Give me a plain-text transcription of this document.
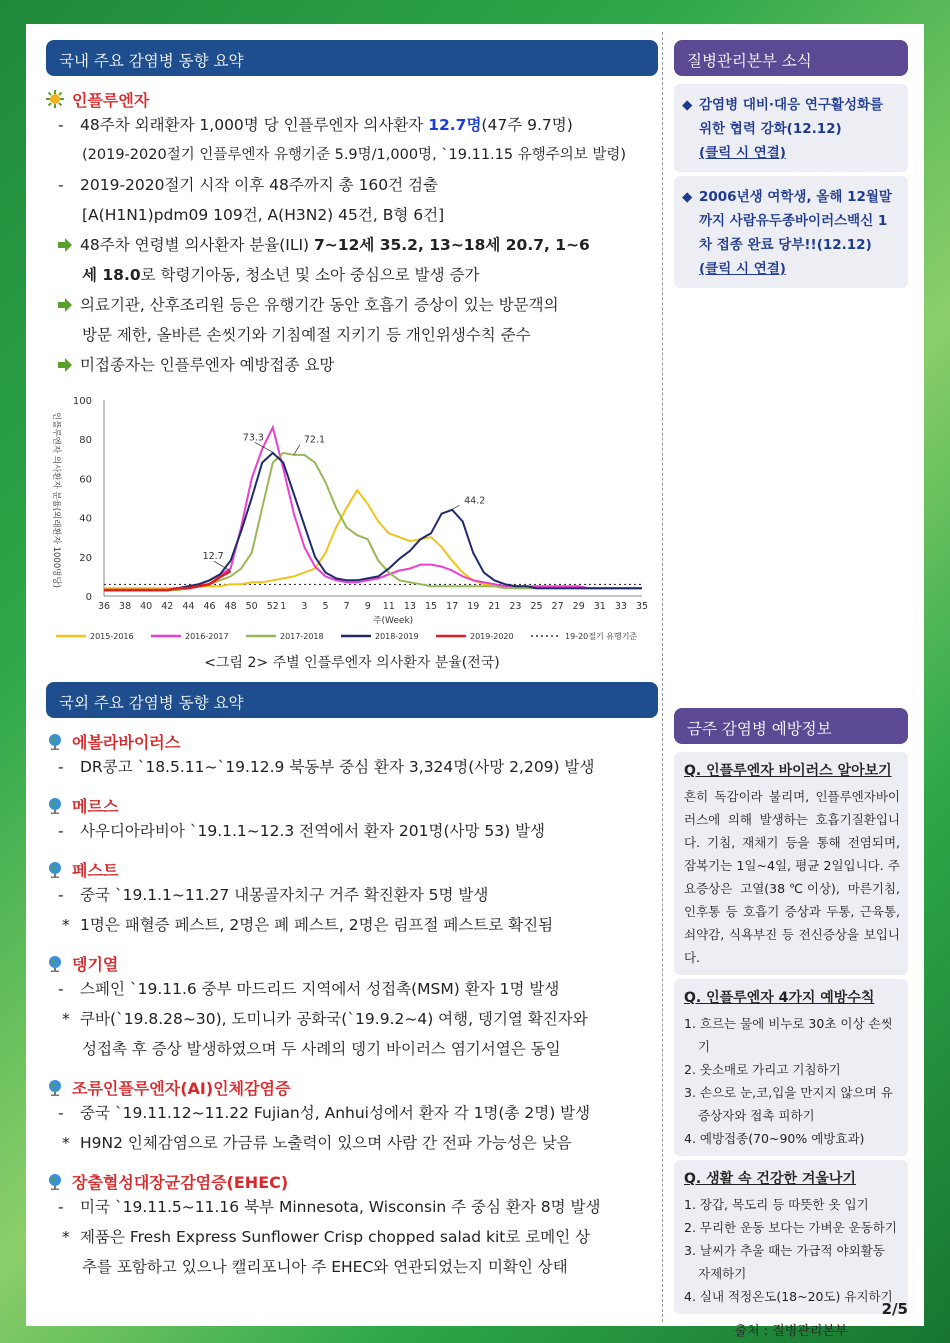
국내 주요 감염병 동향 요약
인플루엔자
- 48주차 외래환자 1,000명 당 인플루엔자 의사환자 12.7명(47주 9.7명)
(2019-2020절기 인플루엔자 유행기준 5.9명/1,000명, `19.11.15 유행주의보 발령)
- 2019-2020절기 시작 이후 48주까지 총 160건 검출
[A(H1N1)pdm09 109건, A(H3N2) 45건, B형 6건]
48주차 연령별 의사환자 분율(ILI) 7~12세 35.2, 13~18세 20.7, 1~6
세 18.0로 학령기아동, 청소년 및 소아 중심으로 발생 증가
의료기관, 산후조리원 등은 유행기간 동안 호흡기 증상이 있는 방문객의
방문 제한, 올바른 손씻기와 기침예절 지키기 등 개인위생수칙 준수
미접종자는 인플루엔자 예방접종 요망
0
20
40
60
80
100
인플루엔자 의사환자 분율(외래환자 1000명당)
36 38 40 42 44 46 48 50 52 1 3 5 7 9 11 13 15 17 19 21 23 25 27 29 31 33 35
주(Week)
73.3	72.1
44.2
12.7
2015-2016	2016-2017	2017-2018	2018-2019	2019-2020	19-20절기 유행기준
<그림 2> 주별 인플루엔자 의사환자 분율(전국)
국외 주요 감염병 동향 요약
에볼라바이러스
- DR콩고 `18.5.11~`19.12.9 북동부 중심 환자 3,324명(사망 2,209) 발생
메르스
- 사우디아라비아 `19.1.1~12.3 전역에서 환자 201명(사망 53) 발생
페스트
- 중국 `19.1.1~11.27 내몽골자치구 거주 확진환자 5명 발생
* 1명은 패혈증 페스트, 2명은 폐 페스트, 2명은 림프절 페스트로 확진됨
뎅기열
- 스페인 `19.11.6 중부 마드리드 지역에서 성접촉(MSM) 환자 1명 발생
* 쿠바(`19.8.28~30), 도미니카 공화국(`19.9.2~4) 여행, 뎅기열 확진자와
성접촉 후 증상 발생하였으며 두 사례의 뎅기 바이러스 염기서열은 동일
조류인플루엔자(AI)인체감염증
- 중국 `19.11.12~11.22 Fujian성, Anhui성에서 환자 각 1명(총 2명) 발생
* H9N2 인체감염으로 가금류 노출력이 있으며 사람 간 전파 가능성은 낮음
장출혈성대장균감염증(EHEC)
- 미국 `19.11.5~11.16 북부 Minnesota, Wisconsin 주 중심 환자 8명 발생
* 제품은 Fresh Express Sunflower Crisp chopped salad kit로 로메인 상
추를 포함하고 있으나 캘리포니아 주 EHEC와 연관되었는지 미확인 상태
질병관리본부 소식
◆ 감염병 대비·대응 연구활성화를 위한 협력 강화(12.12)
(클릭 시 연결)
◆ 2006년생 여학생, 올해 12월말까지 사람유두종바이러스백신 1차 접종 완료 당부!!(12.12)
(클릭 시 연결)
금주 감염병 예방정보
Q. 인플루엔자 바이러스 알아보기
흔히 독감이라 불리며, 인플루엔자바이러스에 의해 발생하는 호흡기질환입니다. 기침, 재채기 등을 통해 전염되며, 잠복기는 1일~4일, 평균 2일입니다. 주요증상은 고열(38℃이상), 마른기침, 인후통 등 호흡기 증상과 두통, 근육통, 쇠약감, 식욕부진 등 전신증상을 보입니다.
Q. 인플루엔자 4가지 예방수칙
1. 흐르는 물에 비누로 30초 이상 손씻기
2. 옷소매로 가리고 기침하기
3. 손으로 눈,코,입을 만지지 않으며 유증상자와 접촉 피하기
4. 예방접종(70~90% 예방효과)
Q. 생활 속 건강한 겨울나기
1. 장갑, 목도리 등 따뜻한 옷 입기
2. 무리한 운동 보다는 가벼운 운동하기
3. 날씨가 추울 때는 가급적 야외활동 자제하기
4. 실내 적정온도(18~20도) 유지하기
출처 : 질병관리본부
2/5
